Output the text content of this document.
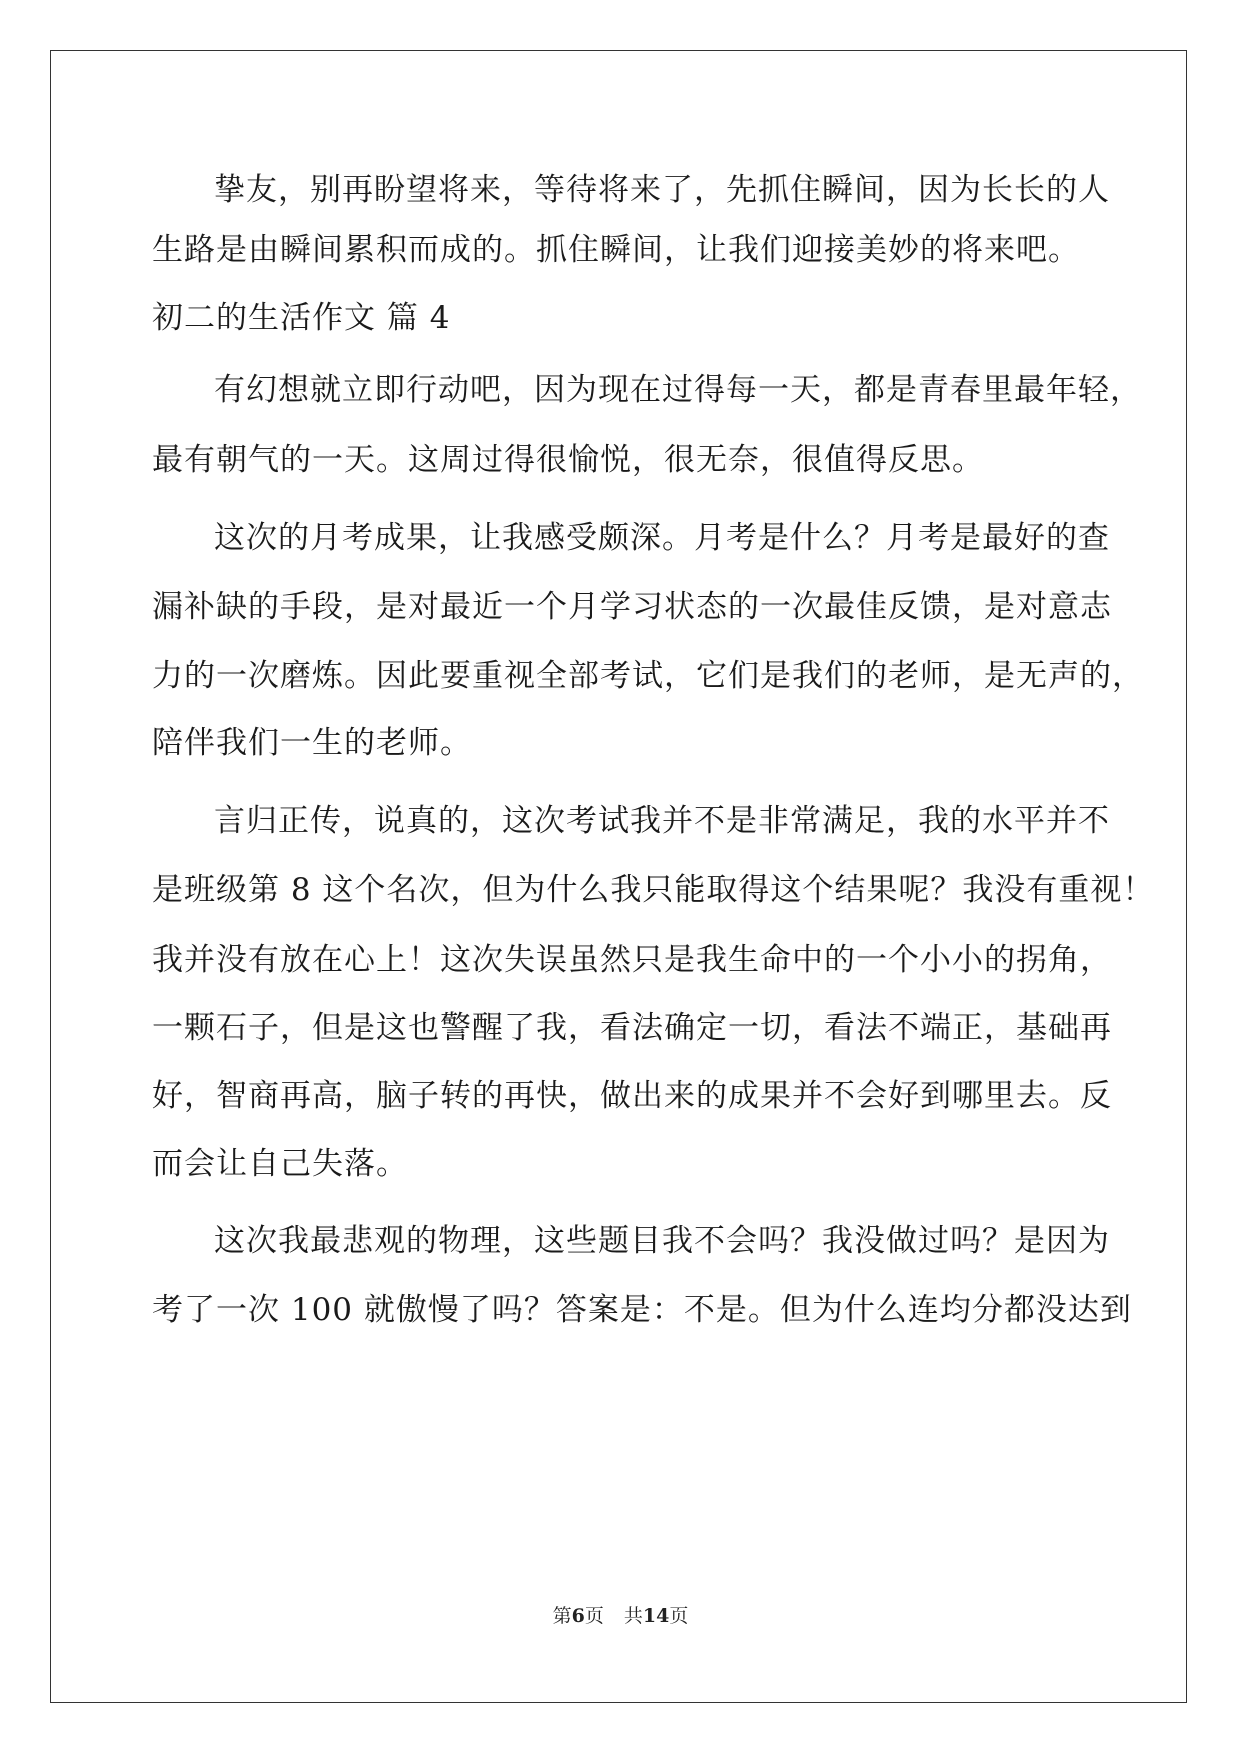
挚友，别再盼望将来，等待将来了，先抓住瞬间，因为长长的人
生路是由瞬间累积而成的。抓住瞬间，让我们迎接美妙的将来吧。
初二的生活作文 篇 4
有幻想就立即行动吧，因为现在过得每一天，都是青春里最年轻，
最有朝气的一天。这周过得很愉悦，很无奈，很值得反思。
这次的月考成果，让我感受颇深。月考是什么？月考是最好的查
漏补缺的手段，是对最近一个月学习状态的一次最佳反馈，是对意志
力的一次磨炼。因此要重视全部考试，它们是我们的老师，是无声的，
陪伴我们一生的老师。
言归正传，说真的，这次考试我并不是非常满足，我的水平并不
是班级第 8 这个名次，但为什么我只能取得这个结果呢？我没有重视！
我并没有放在心上！这次失误虽然只是我生命中的一个小小的拐角，
一颗石子，但是这也警醒了我，看法确定一切，看法不端正，基础再
好，智商再高，脑子转的再快，做出来的成果并不会好到哪里去。反
而会让自己失落。
这次我最悲观的物理，这些题目我不会吗？我没做过吗？是因为
考了一次 100 就傲慢了吗？答案是：不是。但为什么连均分都没达到
第6页 共14页
